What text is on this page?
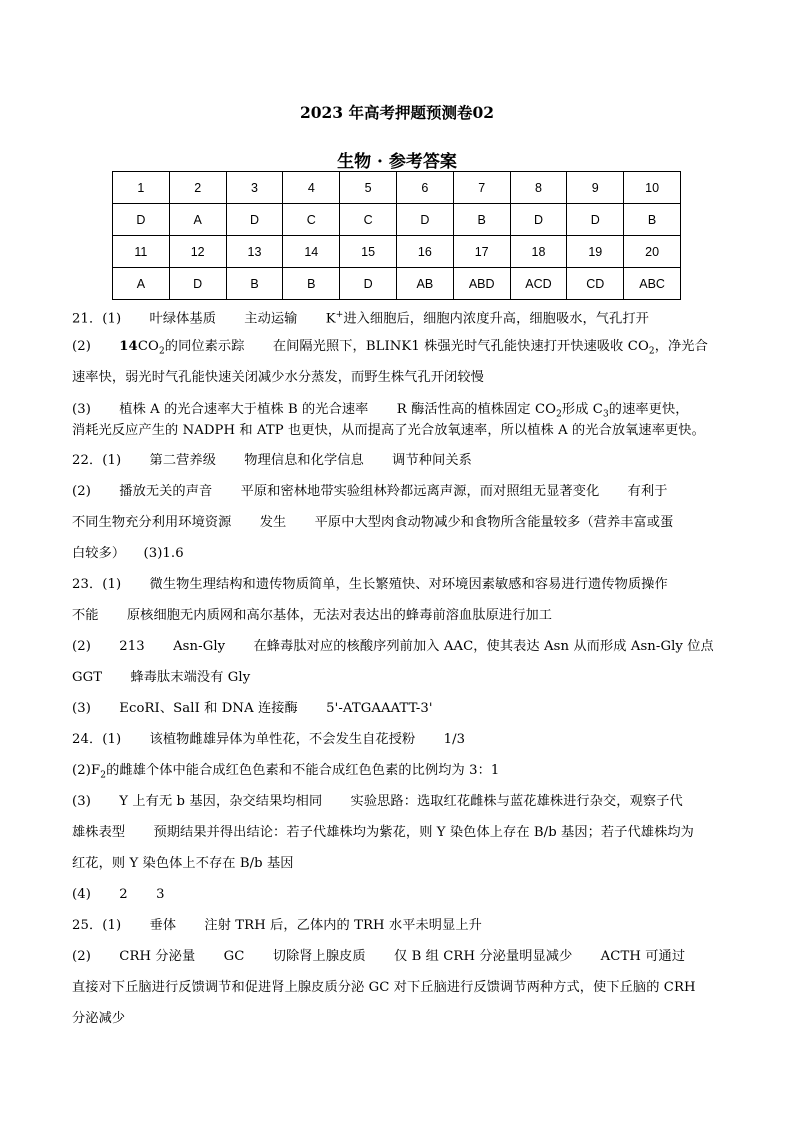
2023 年高考押题预测卷02
生物 · 参考答案
1	2	3	4	5	6	7	8	9	10
D	A	D	C	C	D	B	D	D	B
11	12	13	14	15	16	17	18	19	20
A	D	B	B	D	AB	ABD	ACD	CD	ABC
21．(1) 叶绿体基质 主动运输 K+进入细胞后，细胞内浓度升高，细胞吸水，气孔打开
(2) $14CO_2$的同位素示踪 在间隔光照下，BLINK1 株强光时气孔能快速打开快速吸收 $CO_2$，净光合
速率快，弱光时气孔能快速关闭减少水分蒸发，而野生株气孔开闭较慢
(3) 植株 A 的光合速率大于植株 B 的光合速率 R 酶活性高的植株固定 $CO_2$形成 $C_3$的速率更快，
消耗光反应产生的 NADPH 和 ATP 也更快，从而提高了光合放氧速率，所以植株 A 的光合放氧速率更快。
22．(1) 第二营养级 物理信息和化学信息 调节种间关系
(2) 播放无关的声音 平原和密林地带实验组林羚都远离声源，而对照组无显著变化 有利于
不同生物充分利用环境资源 发生 平原中大型肉食动物减少和食物所含能量较多（营养丰富或蛋
白较多） (3)1.6
23．(1) 微生物生理结构和遗传物质简单，生长繁殖快、对环境因素敏感和容易进行遗传物质操作
不能 原核细胞无内质网和高尔基体，无法对表达出的蜂毒前溶血肽原进行加工
(2) 213 Asn-Gly 在蜂毒肽对应的核酸序列前加入 AAC，使其表达 Asn 从而形成 Asn-Gly 位点
GGT 蜂毒肽末端没有 Gly
(3) EcoRI、SalI 和 DNA 连接酶 5'-ATGAAATT-3'
24．(1) 该植物雌雄异体为单性花，不会发生自花授粉 1/3
$(2)F_2$的雌雄个体中能合成红色色素和不能合成红色色素的比例均为 3：1
(3) Y 上有无 b 基因，杂交结果均相同 实验思路：选取红花雌株与蓝花雄株进行杂交，观察子代
雄株表型 预期结果并得出结论：若子代雄株均为紫花，则 Y 染色体上存在 B/b 基因；若子代雄株均为
红花，则 Y 染色体上不存在 B/b 基因
(4) 2 3
25．(1) 垂体 注射 TRH 后，乙体内的 TRH 水平未明显上升
(2) CRH 分泌量 GC 切除肾上腺皮质 仅 B 组 CRH 分泌量明显减少 ACTH 可通过
直接对下丘脑进行反馈调节和促进肾上腺皮质分泌 GC 对下丘脑进行反馈调节两种方式，使下丘脑的 CRH
分泌减少
